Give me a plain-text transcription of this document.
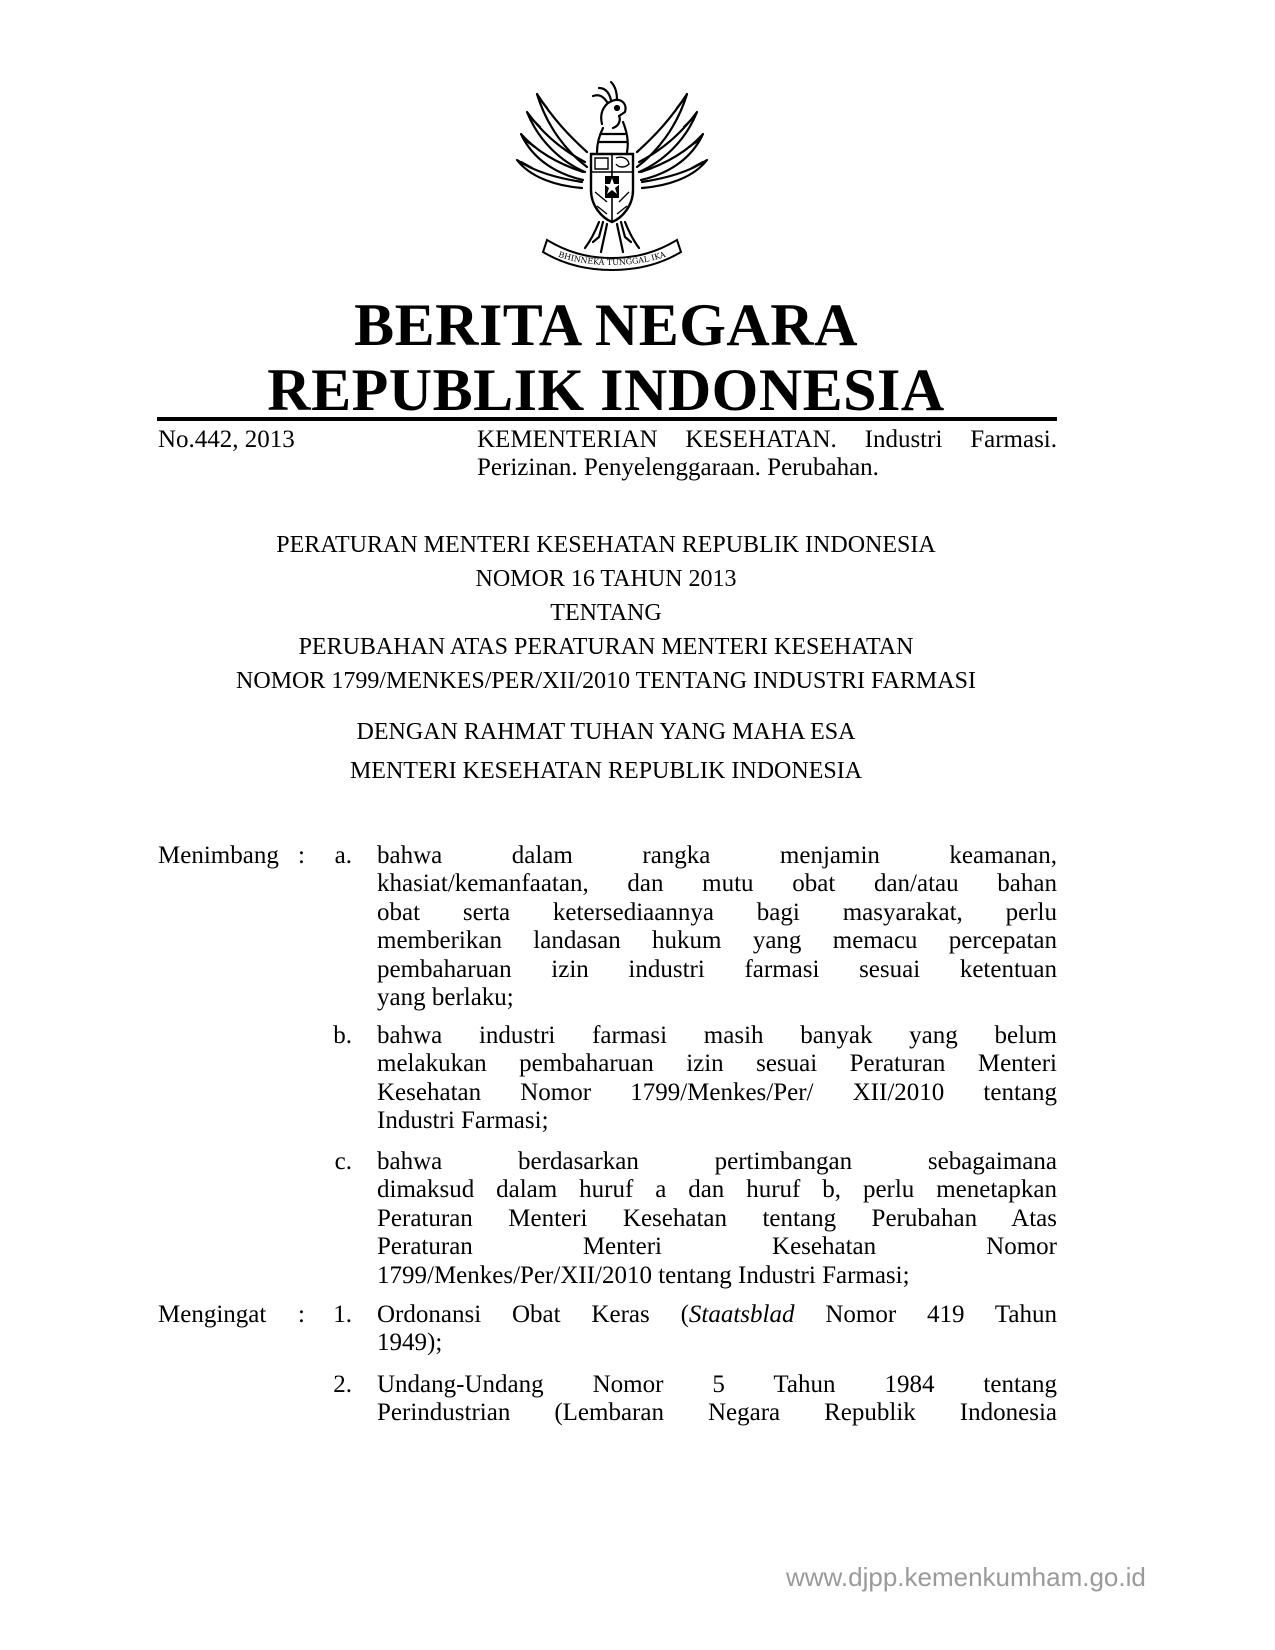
BHINNEKA TUNGGAL IKA
BERITA NEGARA
REPUBLIK INDONESIA
No.442, 2013	KEMENTERIAN KESEHATAN. Industri Farmasi.
Perizinan. Penyelenggaraan. Perubahan.
PERATURAN MENTERI KESEHATAN REPUBLIK INDONESIA
NOMOR 16 TAHUN 2013
TENTANG
PERUBAHAN ATAS PERATURAN MENTERI KESEHATAN
NOMOR 1799/MENKES/PER/XII/2010 TENTANG INDUSTRI FARMASI
DENGAN RAHMAT TUHAN YANG MAHA ESA
MENTERI KESEHATAN REPUBLIK INDONESIA
Menimbang :	a. bahwa dalam rangka menjamin keamanan,
khasiat/kemanfaatan, dan mutu obat dan/atau bahan
obat serta ketersediaannya bagi masyarakat, perlu
memberikan landasan hukum yang memacu percepatan
pembaharuan izin industri farmasi sesuai ketentuan
yang berlaku;
b. bahwa industri farmasi masih banyak yang belum
melakukan pembaharuan izin sesuai Peraturan Menteri
Kesehatan Nomor 1799/Menkes/Per/ XII/2010 tentang
Industri Farmasi;
c. bahwa berdasarkan pertimbangan sebagaimana
dimaksud dalam huruf a dan huruf b, perlu menetapkan
Peraturan Menteri Kesehatan tentang Perubahan Atas
Peraturan Menteri Kesehatan Nomor
1799/Menkes/Per/XII/2010 tentang Industri Farmasi;
Mengingat :	1. Ordonansi Obat Keras (Staatsblad Nomor 419 Tahun
1949);
2. Undang-Undang Nomor 5 Tahun 1984 tentang
Perindustrian (Lembaran Negara Republik Indonesia
www.djpp.kemenkumham.go.id
